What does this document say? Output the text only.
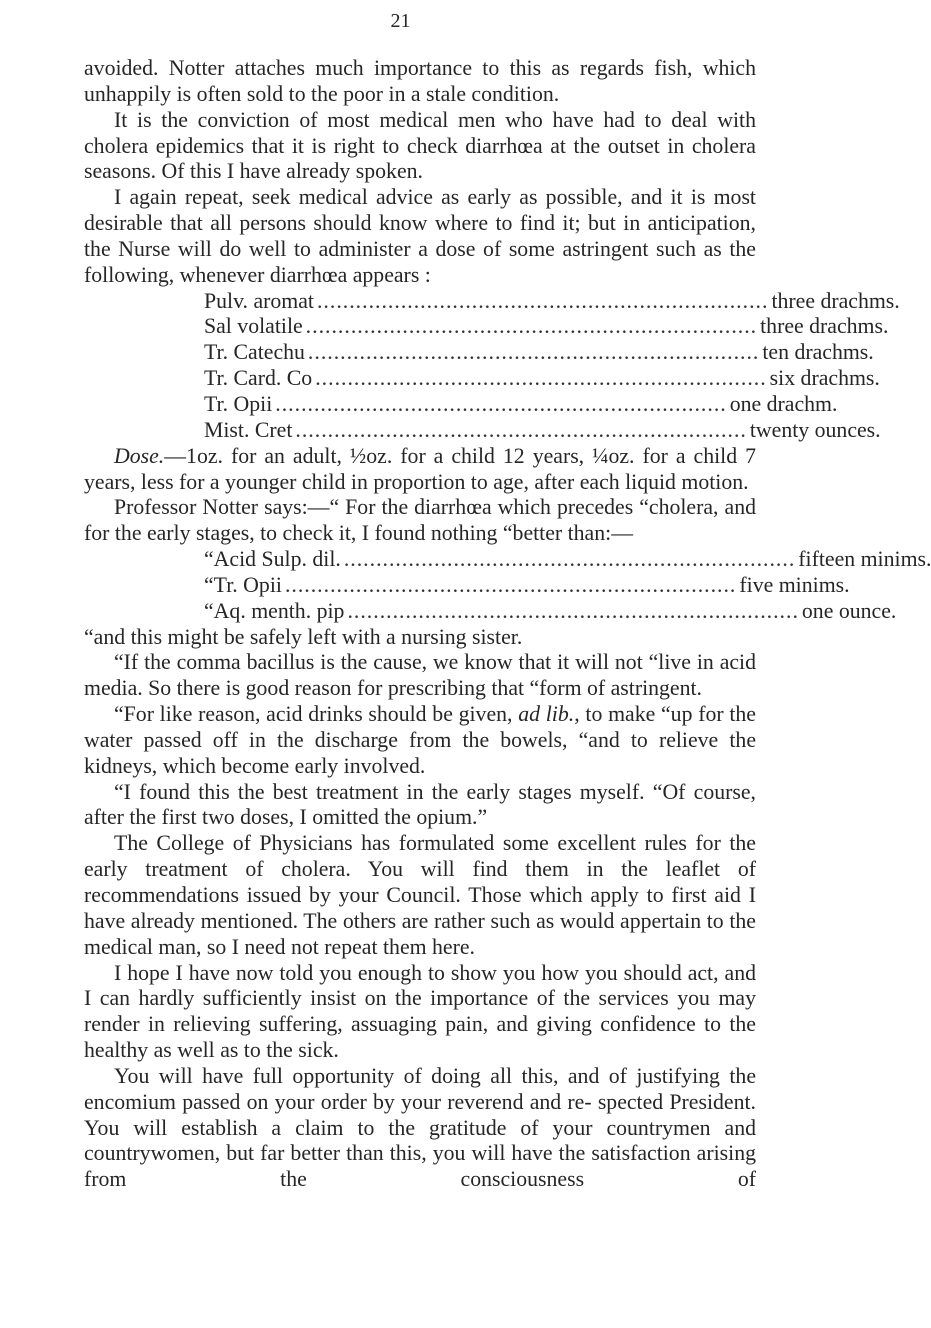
21

avoided. Notter attaches much importance to this as regards fish, which unhappily is often sold to the poor in a stale condition.

It is the conviction of most medical men who have had to deal with cholera epidemics that it is right to check diarrhœa at the outset in cholera seasons. Of this I have already spoken.

I again repeat, seek medical advice as early as possible, and it is most desirable that all persons should know where to find it; but in anticipation, the Nurse will do well to administer a dose of some astringent such as the following, whenever diarrhœa appears :

Pulv. aromat ...................................................................... three drachms.
Sal volatile ...................................................................... three drachms.
Tr. Catechu ...................................................................... ten drachms.
Tr. Card. Co ...................................................................... six drachms.
Tr. Opii ...................................................................... one drachm.
Mist. Cret ...................................................................... twenty ounces.

Dose.—1oz. for an adult, ½oz. for a child 12 years, ¼oz. for a child 7 years, less for a younger child in proportion to age, after each liquid motion.

Professor Notter says:—“ For the diarrhœa which precedes “cholera, and for the early stages, to check it, I found nothing “better than:—

“Acid Sulp. dil. ...................................................................... fifteen minims.
“Tr. Opii ...................................................................... five minims.
“Aq. menth. pip ...................................................................... one ounce.

“and this might be safely left with a nursing sister.

“If the comma bacillus is the cause, we know that it will not “live in acid media. So there is good reason for prescribing that “form of astringent.

“For like reason, acid drinks should be given, ad lib., to make “up for the water passed off in the discharge from the bowels, “and to relieve the kidneys, which become early involved.

“I found this the best treatment in the early stages myself. “Of course, after the first two doses, I omitted the opium.”

The College of Physicians has formulated some excellent rules for the early treatment of cholera. You will find them in the leaflet of recommendations issued by your Council. Those which apply to first aid I have already mentioned. The others are rather such as would appertain to the medical man, so I need not repeat them here.

I hope I have now told you enough to show you how you should act, and I can hardly sufficiently insist on the importance of the services you may render in relieving suffering, assuaging pain, and giving confidence to the healthy as well as to the sick.

You will have full opportunity of doing all this, and of justifying the encomium passed on your order by your reverend and re- spected President. You will establish a claim to the gratitude of your countrymen and countrywomen, but far better than this, you will have the satisfaction arising from the consciousness of
